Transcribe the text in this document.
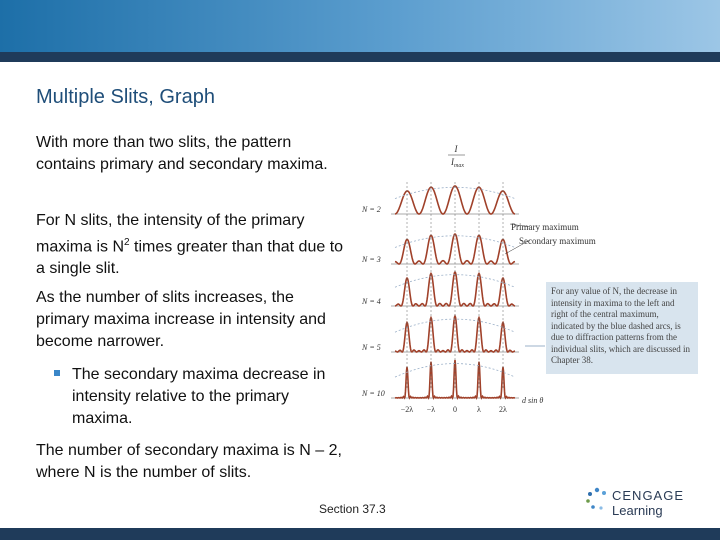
Multiple Slits, Graph
With more than two slits, the pattern contains primary and secondary maxima.
For N slits, the intensity of the primary maxima is $N^2$ times greater than that due to a single slit.
As the number of slits increases, the primary maxima increase in intensity and become narrower.
The secondary maxima decrease in intensity relative to the primary maxima.
The number of secondary maxima is N – 2, where N is the number of slits.
I
$I_{max}$
N = 2
N = 3
N = 4
N = 5
N = 10
Primary maximum
Secondary maximum
−2λ −λ 0	λ 2λ
d sin θ
For any value of N, the decrease in intensity in maxima to the left and right of the central maximum, indicated by the blue dashed arcs, is due to diffraction patterns from the individual slits, which are discussed in Chapter 38.
Section 37.3
CENGAGE
Learning
